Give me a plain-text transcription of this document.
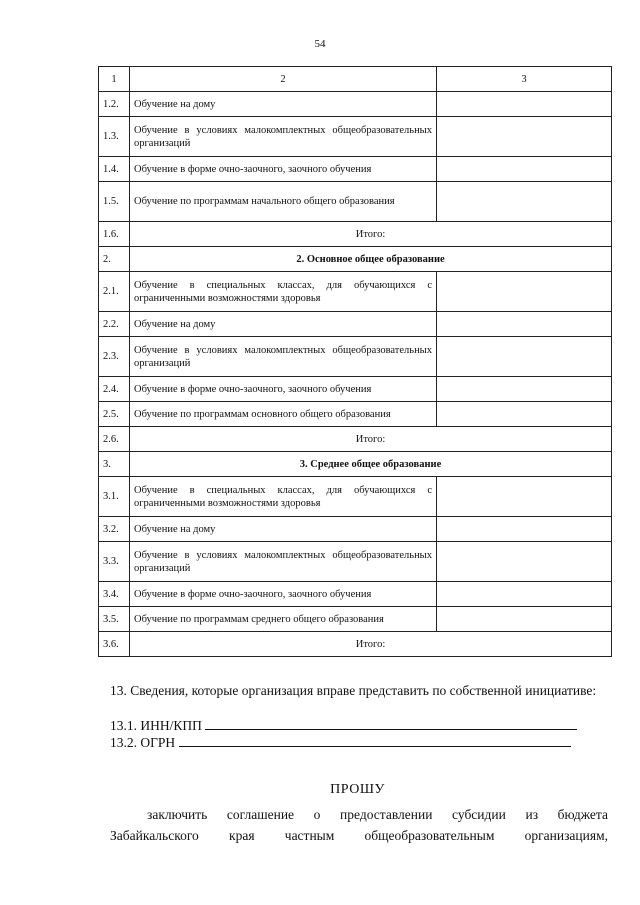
54
1	2	3
1.2.	Обучение на дому	
1.3.	Обучение в условиях малокомплектных общеобразовательных организаций	
1.4.	Обучение в форме очно-заочного, заочного обучения	
1.5.	Обучение по программам начального общего образования	
1.6.	Итого:	
2.	2. Основное общее образование	
2.1.	Обучение в специальных классах, для обучающихся с ограниченными возможностями здоровья	
2.2.	Обучение на дому	
2.3.	Обучение в условиях малокомплектных общеобразовательных организаций	
2.4.	Обучение в форме очно-заочного, заочного обучения	
2.5.	Обучение по программам основного общего образования	
2.6.	Итого:	
3.	3. Среднее общее образование	
3.1.	Обучение в специальных классах, для обучающихся с ограниченными возможностями здоровья	
3.2.	Обучение на дому	
3.3.	Обучение в условиях малокомплектных общеобразовательных организаций	
3.4.	Обучение в форме очно-заочного, заочного обучения	
3.5.	Обучение по программам среднего общего образования	
3.6.	Итого:	
13. Сведения, которые организация вправе представить по собственной инициативе:
13.1. ИНН/КПП
13.2. ОГРН
ПРОШУ
заключить соглашение о предоставлении субсидии из бюджета
Забайкальского края частным общеобразовательным организациям,
